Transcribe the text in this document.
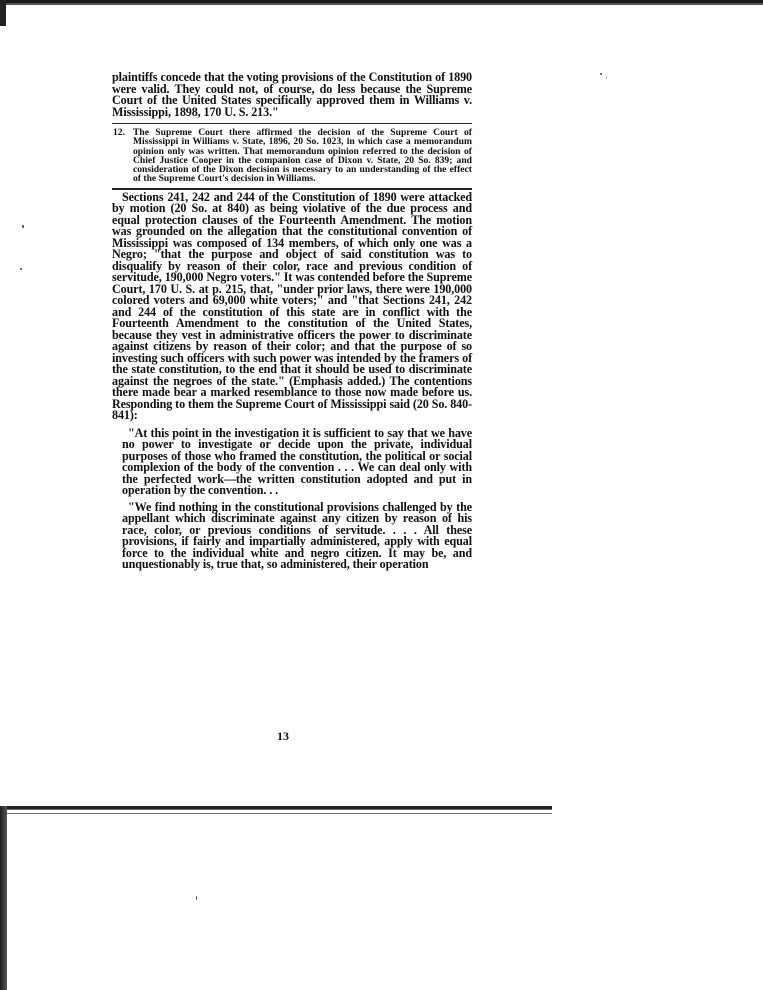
plaintiffs concede that the voting provisions of the Constitution of 1890 were valid. They could not, of course, do less because the Supreme Court of the United States specifically approved them in Williams v. Mississippi, 1898, 170 U. S. 213."

12. The Supreme Court there affirmed the decision of the Supreme Court of Mississippi in Williams v. State, 1896, 20 So. 1023, in which case a memorandum opinion only was written. That memorandum opinion referred to the decision of Chief Justice Cooper in the companion case of Dixon v. State, 20 So. 839; and consideration of the Dixon decision is necessary to an understanding of the effect of the Supreme Court's decision in Williams.

Sections 241, 242 and 244 of the Constitution of 1890 were attacked by motion (20 So. at 840) as being violative of the due process and equal protection clauses of the Fourteenth Amendment. The motion was grounded on the allegation that the constitutional convention of Mississippi was composed of 134 members, of which only one was a Negro; "that the purpose and object of said constitution was to disqualify by reason of their color, race and previous condition of servitude, 190,000 Negro voters." It was contended before the Supreme Court, 170 U. S. at p. 215, that, "under prior laws, there were 190,000 colored voters and 69,000 white voters;" and "that Sections 241, 242 and 244 of the constitution of this state are in conflict with the Fourteenth Amendment to the constitution of the United States, because they vest in administrative officers the power to discriminate against citizens by reason of their color; and that the purpose of so investing such officers with such power was intended by the framers of the state constitution, to the end that it should be used to discriminate against the negroes of the state." (Emphasis added.) The contentions there made bear a marked resemblance to those now made before us. Responding to them the Supreme Court of Mississippi said (20 So. 840-841):

"At this point in the investigation it is sufficient to say that we have no power to investigate or decide upon the private, individual purposes of those who framed the constitution, the political or social complexion of the body of the convention . . . We can deal only with the perfected work—the written constitution adopted and put in operation by the convention. . .

"We find nothing in the constitutional provisions challenged by the appellant which discriminate against any citizen by reason of his race, color, or previous conditions of servitude. . . . All these provisions, if fairly and impartially administered, apply with equal force to the individual white and negro citizen. It may be, and unquestionably is, true that, so administered, their operation

13
